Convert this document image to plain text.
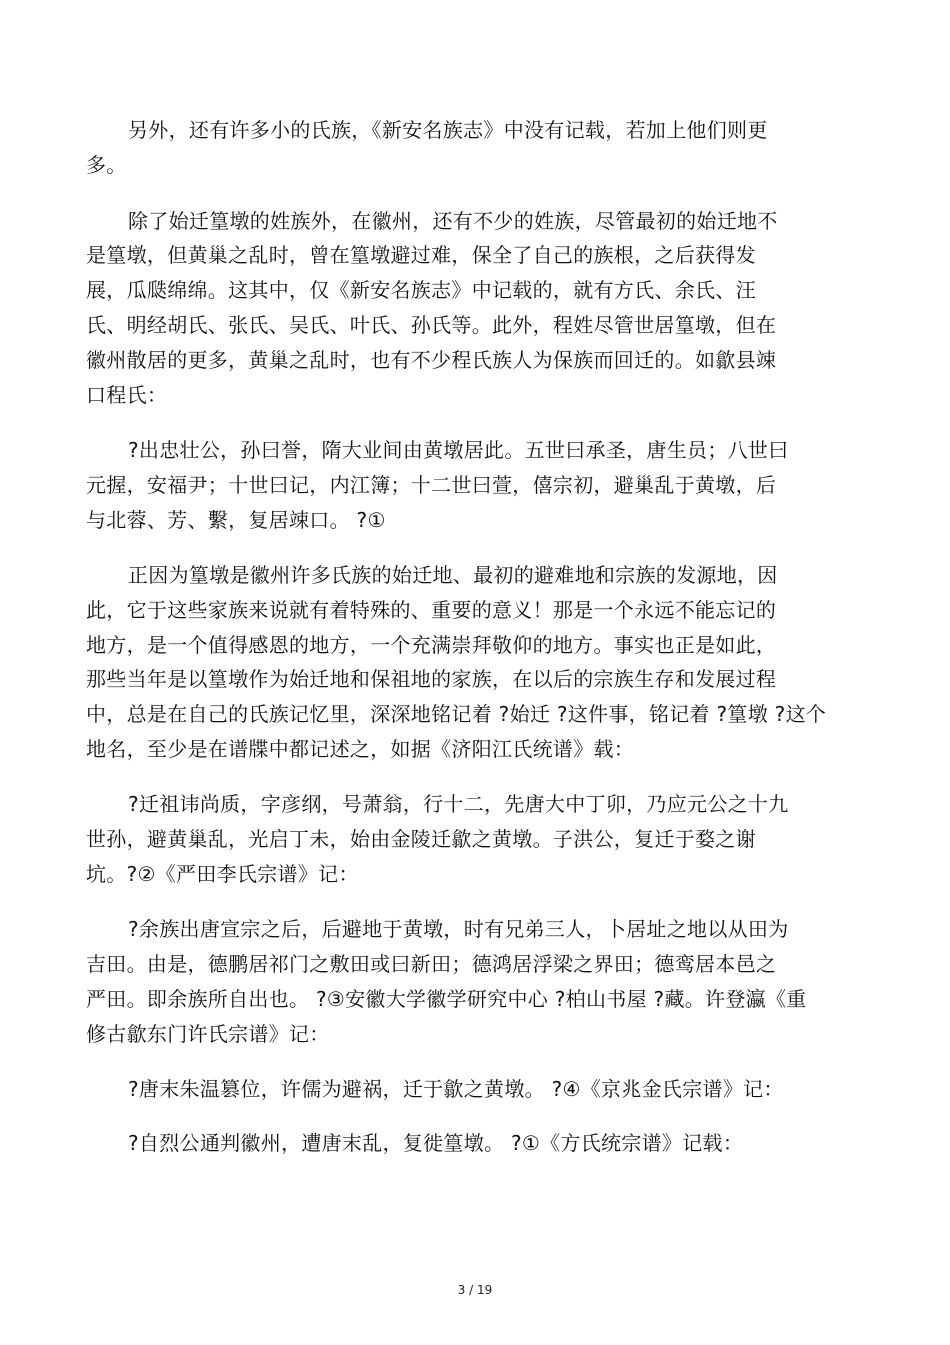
另外，还有许多小的氏族，《新安名族志》中没有记载，若加上他们则更
多。
除了始迁篁墩的姓族外，在徽州，还有不少的姓族，尽管最初的始迁地不
是篁墩，但黄巢之乱时，曾在篁墩避过难，保全了自己的族根，之后获得发
展，瓜瓞绵绵。这其中，仅《新安名族志》中记载的，就有方氏、余氏、汪
氏、明经胡氏、张氏、吴氏、叶氏、孙氏等。此外，程姓尽管世居篁墩，但在
徽州散居的更多，黄巢之乱时，也有不少程氏族人为保族而回迁的。如歙县竦
口程氏：
?出忠壮公，孙曰誉，隋大业间由黄墩居此。五世曰承圣，唐生员；八世曰
元握，安福尹；十世曰记，内江簿；十二世曰萱，僖宗初，避巢乱于黄墩，后
与北蓉、芳、繫，复居竦口。 ?①
正因为篁墩是徽州许多氏族的始迁地、最初的避难地和宗族的发源地，因
此，它于这些家族来说就有着特殊的、重要的意义！那是一个永远不能忘记的
地方，是一个值得感恩的地方，一个充满崇拜敬仰的地方。事实也正是如此，
那些当年是以篁墩作为始迁地和保祖地的家族，在以后的宗族生存和发展过程
中，总是在自己的氏族记忆里，深深地铭记着 ?始迁 ?这件事，铭记着 ?篁墩 ?这个
地名，至少是在谱牒中都记述之，如据《济阳江氏统谱》载：
?迁祖讳尚质，字彦纲，号萧翁，行十二，先唐大中丁卯，乃应元公之十九
世孙，避黄巢乱，光启丁未，始由金陵迁歙之黄墩。子洪公，复迁于婺之谢
坑。?②《严田李氏宗谱》记：
?余族出唐宣宗之后，后避地于黄墩，时有兄弟三人，卜居址之地以从田为
吉田。由是，德鹏居祁门之敷田或曰新田；德鸿居浮梁之界田；德鸾居本邑之
严田。即余族所自出也。 ?③安徽大学徽学研究中心 ?柏山书屋 ?藏。许登瀛《重
修古歙东门许氏宗谱》记：
?唐末朱温篡位，许儒为避祸，迁于歙之黄墩。 ?④《京兆金氏宗谱》记：
?自烈公通判徽州，遭唐末乱，复徙篁墩。 ?①《方氏统宗谱》记载：
3 / 19
